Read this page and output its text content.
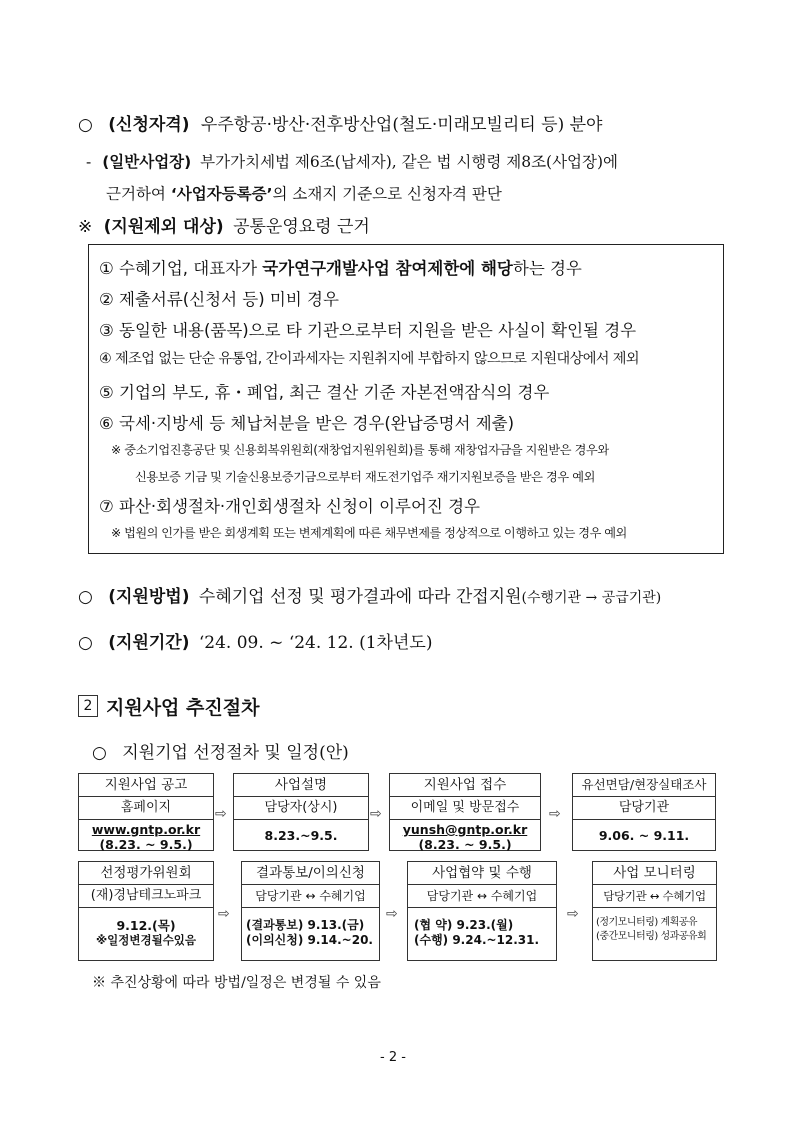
○ (신청자격) 우주항공·방산·전후방산업(철도·미래모빌리티 등) 분야
- (일반사업장) 부가가치세법 제6조(납세자), 같은 법 시행령 제8조(사업장)에
근거하여 ‘사업자등록증’의 소재지 기준으로 신청자격 판단
※ (지원제외 대상) 공통운영요령 근거
① 수혜기업, 대표자가 국가연구개발사업 참여제한에 해당하는 경우
② 제출서류(신청서 등) 미비 경우
③ 동일한 내용(품목)으로 타 기관으로부터 지원을 받은 사실이 확인될 경우
④ 제조업 없는 단순 유통업, 간이과세자는 지원취지에 부합하지 않으므로 지원대상에서 제외
⑤ 기업의 부도, 휴・폐업, 최근 결산 기준 자본전액잠식의 경우
⑥ 국세·지방세 등 체납처분을 받은 경우(완납증명서 제출)
※ 중소기업진흥공단 및 신용회복위원회(재창업지원위원회)를 통해 재창업자금을 지원받은 경우와
신용보증 기금 및 기술신용보증기금으로부터 재도전기업주 재기지원보증을 받은 경우 예외
⑦ 파산·회생절차·개인회생절차 신청이 이루어진 경우
※ 법원의 인가를 받은 회생계획 또는 변제계획에 따른 채무변제를 정상적으로 이행하고 있는 경우 예외
○ (지원방법) 수혜기업 선정 및 평가결과에 따라 간접지원(수행기관 → 공급기관)
○ (지원기간) ‘24. 09. ~ ‘24. 12. (1차년도)
2 지원사업 추진절차
○ 지원기업 선정절차 및 일정(안)
지원사업 공고
홈페이지
www.gntp.or.kr
(8.23. ~ 9.5.)
⇨
사업설명
담당자(상시)
8.23.~9.5.
⇨
지원사업 접수
이메일 및 방문접수
yunsh@gntp.or.kr
(8.23. ~ 9.5.)
⇨
유선면담/현장실태조사
담당기관
9.06. ~ 9.11.
선정평가위원회
(재)경남테크노파크
9.12.(목)
※일정변경될수있음
⇨
결과통보/이의신청
담당기관 ↔ 수혜기업
(결과통보) 9.13.(금)
(이의신청) 9.14.~20.
⇨
사업협약 및 수행
담당기관 ↔ 수혜기업
(협 약) 9.23.(월)
(수행) 9.24.~12.31.
⇨
사업 모니터링
담당기관 ↔ 수혜기업
(정기모니터링) 계획공유
(중간모니터링) 성과공유회
※ 추진상황에 따라 방법/일정은 변경될 수 있음
- 2 -
